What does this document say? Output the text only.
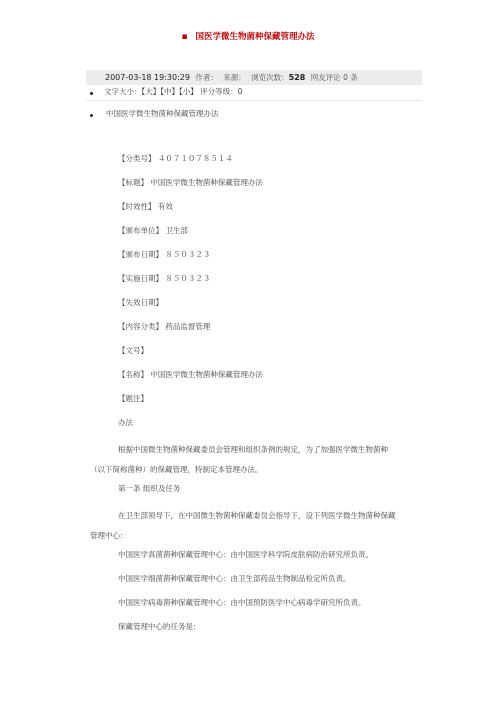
▪ 国医学微生物菌种保藏管理办法
2007-03-18 19:30:29 作者： 来源： 浏览次数：528 网友评论 0 条
文字大小：【大】【中】【小】 评分等级：0
中国医学微生物菌种保藏管理办法

【分类号】 ４０７１０７８５１４

【标题】 中国医学微生物菌种保藏管理办法

【时效性】 有效

【颁布单位】 卫生部

【颁布日期】 ８５０３２３

【实施日期】 ８５０３２３

【失效日期】

【内容分类】 药品监督管理

【文号】

【名称】 中国医学微生物菌种保藏管理办法

【题注】

办法

根据中国微生物菌种保藏委员会管理和组织条例的规定，为了加强医学微生物菌种（以下简称菌种）的保藏管理，特制定本管理办法。

第一条 组织及任务

在卫生部领导下，在中国微生物菌种保藏委员会指导下，设下列医学微生物菌种保藏管理中心：

中国医学真菌菌种保藏管理中心：由中国医学科学院皮肤病防治研究所负责。

中国医学细菌菌种保藏管理中心：由卫生部药品生物制品检定所负责。

中国医学病毒菌种保藏管理中心：由中国预防医学中心病毒学研究所负责。

保藏管理中心的任务是：
